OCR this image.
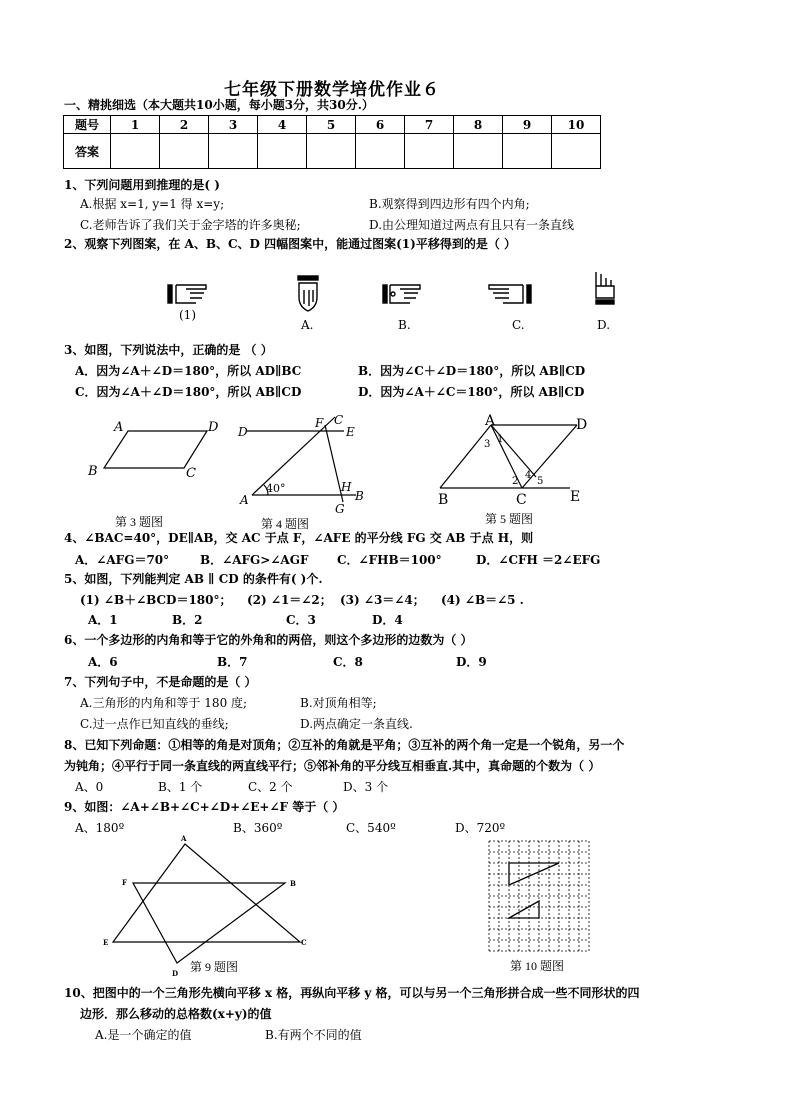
七年级下册数学培优作业６
一、精挑细选（本大题共10小题，每小题3分，共30分.）
题号	1	2	3	4	5	6	7	8	9	10
答案										
1、下列问题用到推理的是( )
A.根据 x=1, y=1 得 x=y;	B.观察得到四边形有四个内角;
C.老师告诉了我们关于金字塔的许多奥秘;	D.由公理知道过两点有且只有一条直线
2、观察下列图案，在 A、B、C、D 四幅图案中，能通过图案(1)平移得到的是（ ）
(1)
A.	B.	C.	D.
3、如图，下列说法中，正确的是 （ ）
A．因为∠A＋∠D＝180°，所以 AD∥BC	B．因为∠C＋∠D＝180°，所以 AB∥CD
C．因为∠A＋∠D＝180°，所以 AB∥CD	D．因为∠A＋∠C＝180°，所以 AB∥CD
A	D
B	C
第 3 题图
D
F C
E
A
40°	H
B
G
第 4 题图
A	D
B	C	E
1
3
2
4
5
第 5 题图
4、∠BAC=40°，DE∥AB，交 AC 于点 F，∠AFE 的平分线 FG 交 AB 于点 H，则
A．∠AFG＝70°	B．∠AFG>∠AGF C．∠FHB＝100°	D．∠CFH ＝2∠EFG
5、如图，下列能判定 AB ∥ CD 的条件有( )个.
(1) ∠B＋∠BCD＝180°； (2) ∠1＝∠2； (3) ∠3＝∠4； (4) ∠B＝∠5 .
A．1	B．2	C．3	D．4
6、一个多边形的内角和等于它的外角和的两倍，则这个多边形的边数为（ ）
A．6	B．7	C．8	D．9
7、下列句子中，不是命题的是（ ）
A.三角形的内角和等于 180 度;	B.对顶角相等;
C.过一点作已知直线的垂线;	D.两点确定一条直线.
8、已知下列命题：①相等的角是对顶角；②互补的角就是平角；③互补的两个角一定是一个锐角，另一个
为钝角；④平行于同一条直线的两直线平行；⑤邻补角的平分线互相垂直.其中，真命题的个数为（ ）
A、0	B、1 个	C、2 个	D、3 个
9、如图：∠A+∠B+∠C+∠D+∠E+∠F 等于（ ）
A、180º	B、360º	C、540º	D、720º
A
B
C
D
E
F
第 9 题图	第 10 题图
10、把图中的一个三角形先横向平移 x 格，再纵向平移 y 格，可以与另一个三角形拼合成一些不同形状的四
边形．那么移动的总格数(x+y)的值
A.是一个确定的值	B.有两个不同的值
